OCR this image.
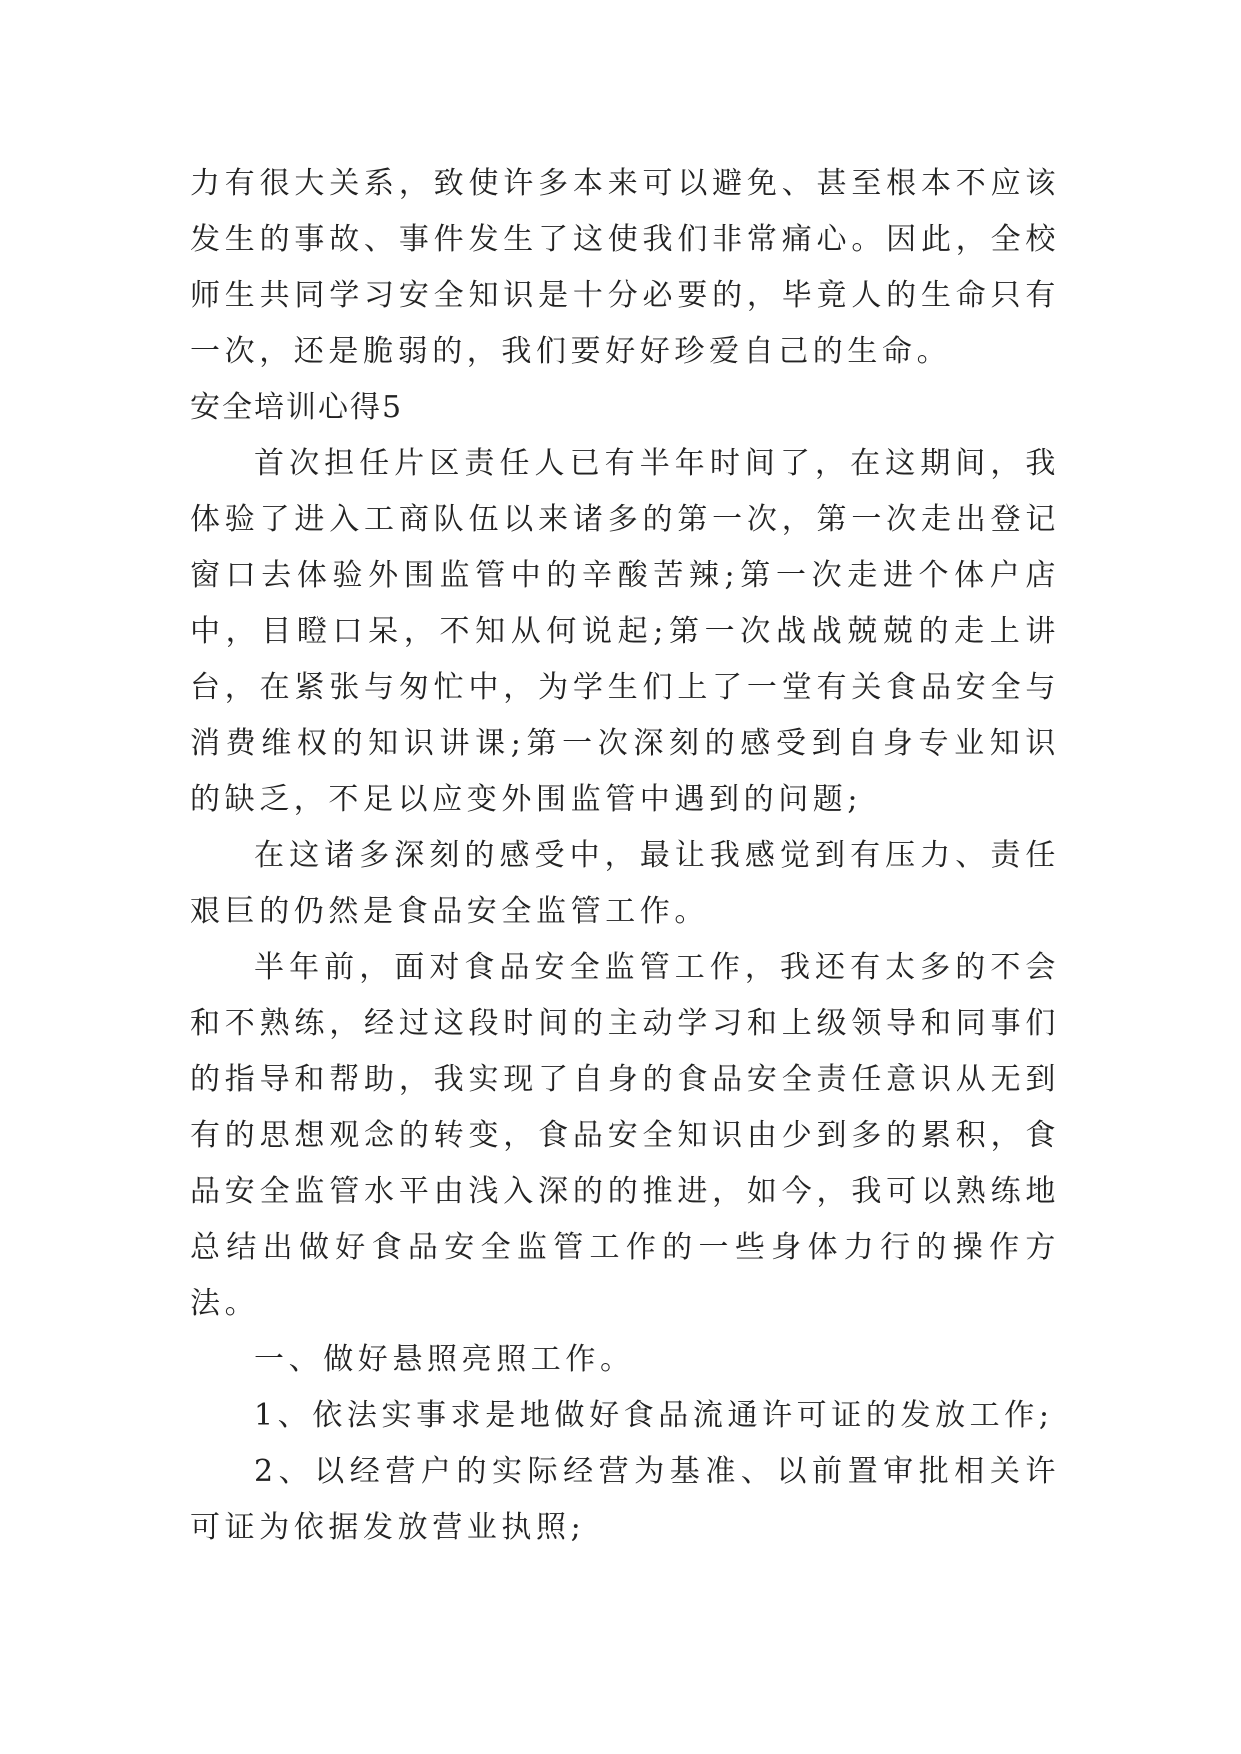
力有很大关系，致使许多本来可以避免、甚至根本不应该发生的事故、事件发生了这使我们非常痛心。因此，全校师生共同学习安全知识是十分必要的，毕竟人的生命只有一次，还是脆弱的，我们要好好珍爱自己的生命。

安全培训心得5

首次担任片区责任人已有半年时间了，在这期间，我体验了进入工商队伍以来诸多的第一次，第一次走出登记窗口去体验外围监管中的辛酸苦辣;第一次走进个体户店中，目瞪口呆，不知从何说起;第一次战战兢兢的走上讲台，在紧张与匆忙中，为学生们上了一堂有关食品安全与消费维权的知识讲课;第一次深刻的感受到自身专业知识的缺乏，不足以应变外围监管中遇到的问题;

在这诸多深刻的感受中，最让我感觉到有压力、责任艰巨的仍然是食品安全监管工作。

半年前，面对食品安全监管工作，我还有太多的不会和不熟练，经过这段时间的主动学习和上级领导和同事们的指导和帮助，我实现了自身的食品安全责任意识从无到有的思想观念的转变，食品安全知识由少到多的累积，食品安全监管水平由浅入深的的推进，如今，我可以熟练地总结出做好食品安全监管工作的一些身体力行的操作方法。

一、做好悬照亮照工作。

1、依法实事求是地做好食品流通许可证的发放工作;

2、以经营户的实际经营为基准、以前置审批相关许可证为依据发放营业执照;
